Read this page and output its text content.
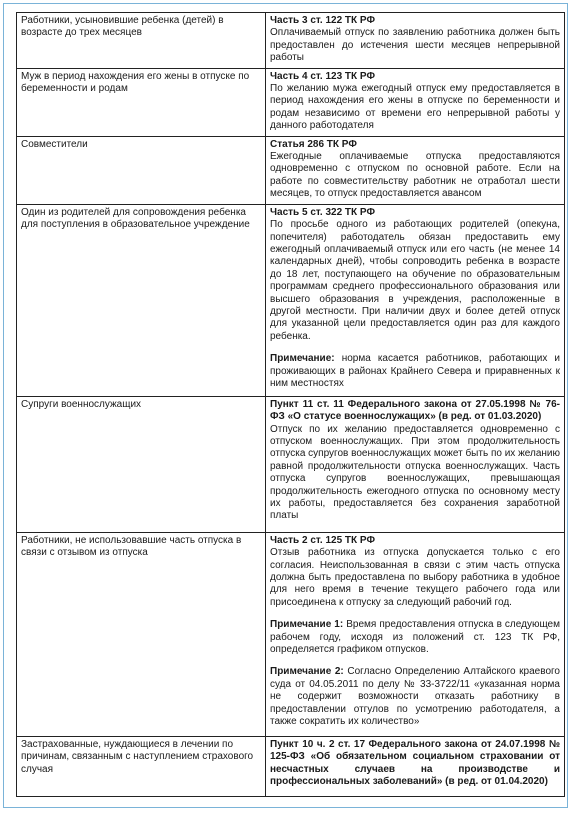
Работники, усыновившие ребенка (детей) в возрасте до трех месяцев	Часть 3 ст. 122 ТК РФ
Оплачиваемый отпуск по заявлению работника должен быть предоставлен до истечения шести месяцев непрерывной работы

Муж в период нахождения его жены в отпуске по беременности и родам	Часть 4 ст. 123 ТК РФ
По желанию мужа ежегодный отпуск ему предоставляется в период нахождения его жены в отпуске по беременности и родам независимо от времени его непрерывной работы у данного работодателя

Совместители	Статья 286 ТК РФ
Ежегодные оплачиваемые отпуска предоставляются одновременно с отпуском по основной работе. Если на работе по совместительству работник не отработал шести месяцев, то отпуск предоставляется авансом

Один из родителей для сопровождения ребенка для поступления в образовательное учреждение	Часть 5 ст. 322 ТК РФ
По просьбе одного из работающих родителей (опекуна, попечителя) работодатель обязан предоставить ему ежегодный оплачиваемый отпуск или его часть (не менее 14 календарных дней), чтобы сопроводить ребенка в возрасте до 18 лет, поступающего на обучение по образовательным программам среднего профессионального образования или высшего образования в учреждения, расположенные в другой местности. При наличии двух и более детей отпуск для указанной цели предоставляется один раз для каждого ребенка.
Примечание: норма касается работников, работающих и проживающих в районах Крайнего Севера и приравненных к ним местностях

Супруги военнослужащих	Пункт 11 ст. 11 Федерального закона от 27.05.1998 № 76-ФЗ «О статусе военнослужащих» (в ред. от 01.03.2020)
Отпуск по их желанию предоставляется одновременно с отпуском военнослужащих. При этом продолжительность отпуска супругов военнослужащих может быть по их желанию равной продолжительности отпуска военнослужащих. Часть отпуска супругов военнослужащих, превышающая продолжительность ежегодного отпуска по основному месту их работы, предоставляется без сохранения заработной платы

Работники, не использовавшие часть отпуска в связи с отзывом из отпуска	Часть 2 ст. 125 ТК РФ
Отзыв работника из отпуска допускается только с его согласия. Неиспользованная в связи с этим часть отпуска должна быть предоставлена по выбору работника в удобное для него время в течение текущего рабочего года или присоединена к отпуску за следующий рабочий год.
Примечание 1: Время предоставления отпуска в следующем рабочем году, исходя из положений ст. 123 ТК РФ, определяется графиком отпусков.
Примечание 2: Согласно Определению Алтайского краевого суда от 04.05.2011 по делу № 33-3722/11 «указанная норма не содержит возможности отказать работнику в предоставлении отгулов по усмотрению работодателя, а также сократить их количество»

Застрахованные, нуждающиеся в лечении по причинам, связанным с наступлением страхового случая	Пункт 10 ч. 2 ст. 17 Федерального закона от 24.07.1998 № 125-ФЗ «Об обязательном социальном страховании от несчастных случаев на производстве и профессиональных заболеваний» (в ред. от 01.04.2020)
